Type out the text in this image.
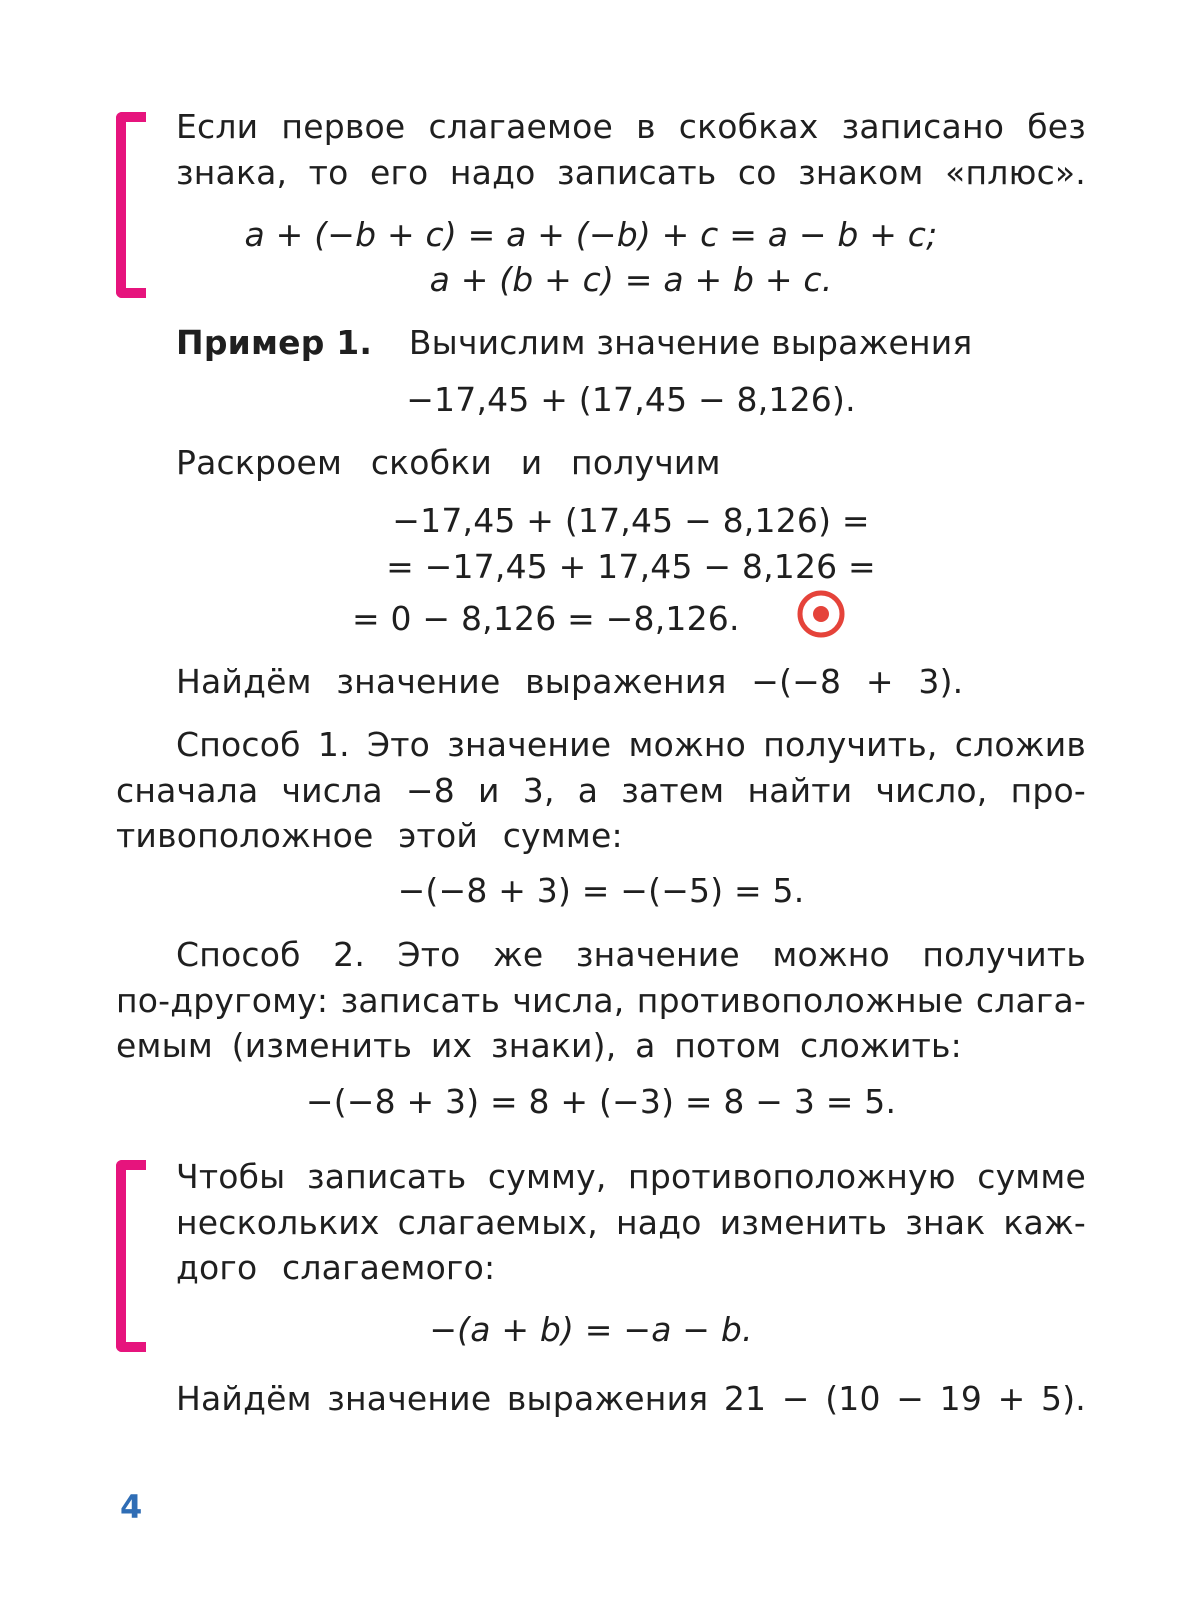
Если первое слагаемое в скобках записано без
знака, то его надо записать со знаком «плюс».
a + (−b + c) = a + (−b) + c = a − b + c;
a + (b + c) = a + b + c.
Пример 1. Вычислим значение выражения
−17,45 + (17,45 − 8,126).
Раскроем скобки и получим
−17,45 + (17,45 − 8,126) =
= −17,45 + 17,45 − 8,126 =
= 0 − 8,126 = −8,126.
Найдём значение выражения −(−8 + 3).
Способ 1. Это значение можно получить, сложив
сначала числа −8 и 3, а затем найти число, про-
тивоположное этой сумме:
−(−8 + 3) = −(−5) = 5.
Способ 2. Это же значение можно получить
по-другому: записать числа, противоположные слага-
емым (изменить их знаки), а потом сложить:
−(−8 + 3) = 8 + (−3) = 8 − 3 = 5.
Чтобы записать сумму, противоположную сумме
нескольких слагаемых, надо изменить знак каж-
дого слагаемого:
−(a + b) = −a − b.
Найдём значение выражения 21 − (10 − 19 + 5).
4
